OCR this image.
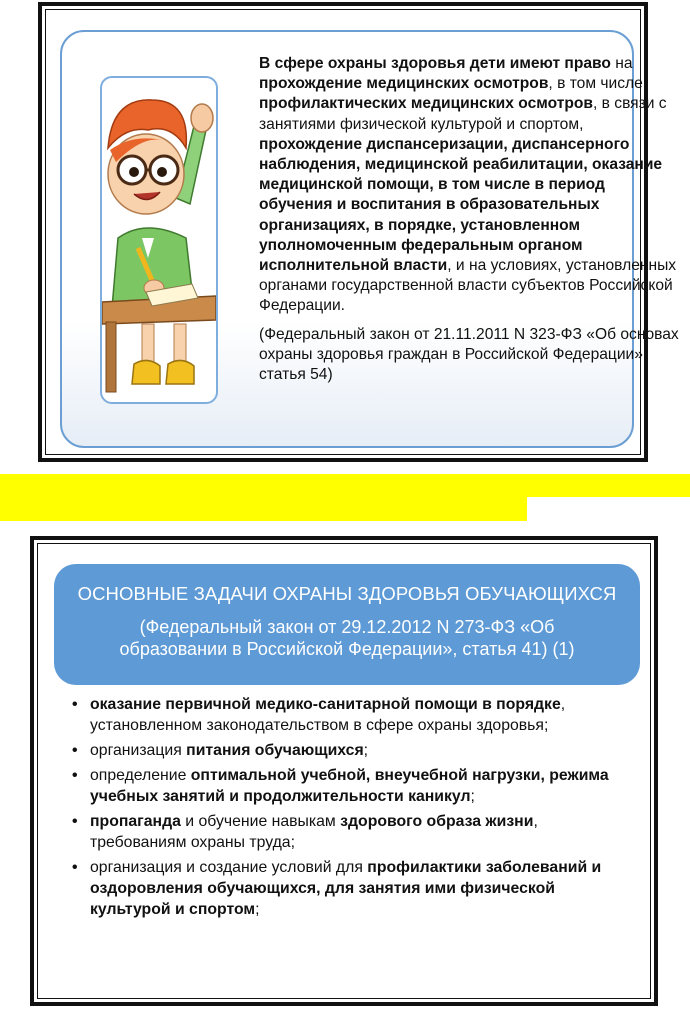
В сфере охраны здоровья дети имеют право на прохождение медицинских осмотров, в том числе профилактических медицинских осмотров, в связи с занятиями физической культурой и спортом, прохождение диспансеризации, диспансерного наблюдения, медицинской реабилитации, оказание медицинской помощи, в том числе в период обучения и воспитания в образовательных организациях, в порядке, установленном уполномоченным федеральным органом исполнительной власти, и на условиях, установленных органами государственной власти субъектов Российской Федерации.

(Федеральный закон от 21.11.2011 N 323-ФЗ «Об основах охраны здоровья граждан в Российской Федерации», статья 54)

ОСНОВНЫЕ ЗАДАЧИ ОХРАНЫ ЗДОРОВЬЯ ОБУЧАЮЩИХСЯ
(Федеральный закон от 29.12.2012 N 273-ФЗ «Об образовании в Российской Федерации», статья 41) (1)
• оказание первичной медико-санитарной помощи в порядке, установленном законодательством в сфере охраны здоровья;
• организация питания обучающихся;
• определение оптимальной учебной, внеучебной нагрузки, режима учебных занятий и продолжительности каникул;
• пропаганда и обучение навыкам здорового образа жизни, требованиям охраны труда;
• организация и создание условий для профилактики заболеваний и оздоровления обучающихся, для занятия ими физической культурой и спортом;
